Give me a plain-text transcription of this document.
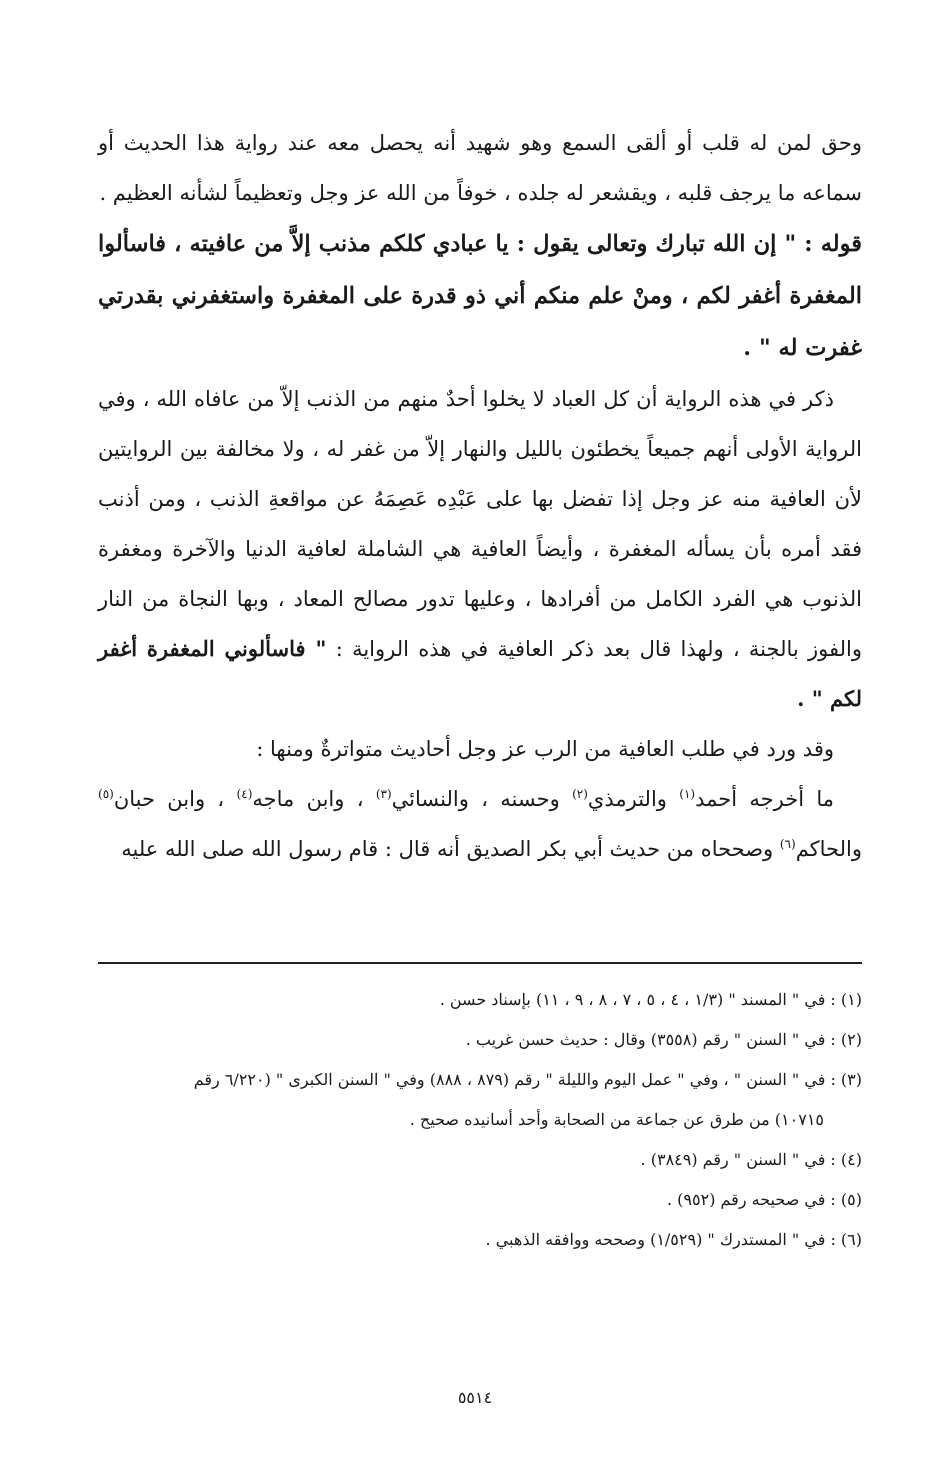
وحق لمن له قلب أو ألقى السمع وهو شهيد أنه يحصل معه عند رواية هذا الحديث أو سماعه ما يرجف قلبه ، ويقشعر له جلده ، خوفاً من الله عز وجل وتعظيماً لشأنه العظيم .

قوله : " إن الله تبارك وتعالى يقول : يا عبادي كلكم مذنب إلاَّ من عافيته ، فاسألوا المغفرة أغفر لكم ، ومنْ علم منكم أني ذو قدرة على المغفرة واستغفرني بقدرتي غفرت له " .

ذكر في هذه الرواية أن كل العباد لا يخلوا أحدٌ منهم من الذنب إلاّ من عافاه الله ، وفي الرواية الأولى أنهم جميعاً يخطئون بالليل والنهار إلاّ من غفر له ، ولا مخالفة بين الروايتين لأن العافية منه عز وجل إذا تفضل بها على عَبْدِه عَصِمَهُ عن مواقعةِ الذنب ، ومن أذنب فقد أمره بأن يسأله المغفرة ، وأيضاً العافية هي الشاملة لعافية الدنيا والآخرة ومغفرة الذنوب هي الفرد الكامل من أفرادها ، وعليها تدور مصالح المعاد ، وبها النجاة من النار والفوز بالجنة ، ولهذا قال بعد ذكر العافية في هذه الرواية : " فاسألوني المغفرة أغفر لكم " .

وقد ورد في طلب العافية من الرب عز وجل أحاديث متواترةٌ ومنها :

ما أخرجه أحمد$^{(١)}$ والترمذي$^{(٢)}$ وحسنه ، والنسائي$^{(٣)}$ ، وابن ماجه$^{(٤)}$ ، وابن حبان$^{(٥)}$ والحاكم$^{(٦)}$ وصححاه من حديث أبي بكر الصديق أنه قال : قام رسول الله صلى الله عليه

(١) : في " المسند " (١/٣ ، ٤ ، ٥ ، ٧ ، ٨ ، ٩ ، ١١) بإسناد حسن .

(٢) : في " السنن " رقم (٣٥٥٨) وقال : حديث حسن غريب .

(٣) : في " السنن " ، وفي " عمل اليوم والليلة " رقم (٨٧٩ ، ٨٨٨) وفي " السنن الكبرى " (٦/٢٢٠ رقم

١٠٧١٥) من طرق عن جماعة من الصحابة وأحد أسانيده صحيح .

(٤) : في " السنن " رقم (٣٨٤٩) .

(٥) : في صحيحه رقم (٩٥٢) .

(٦) : في " المستدرك " (١/٥٢٩) وصححه ووافقه الذهبي .

٥٥١٤
